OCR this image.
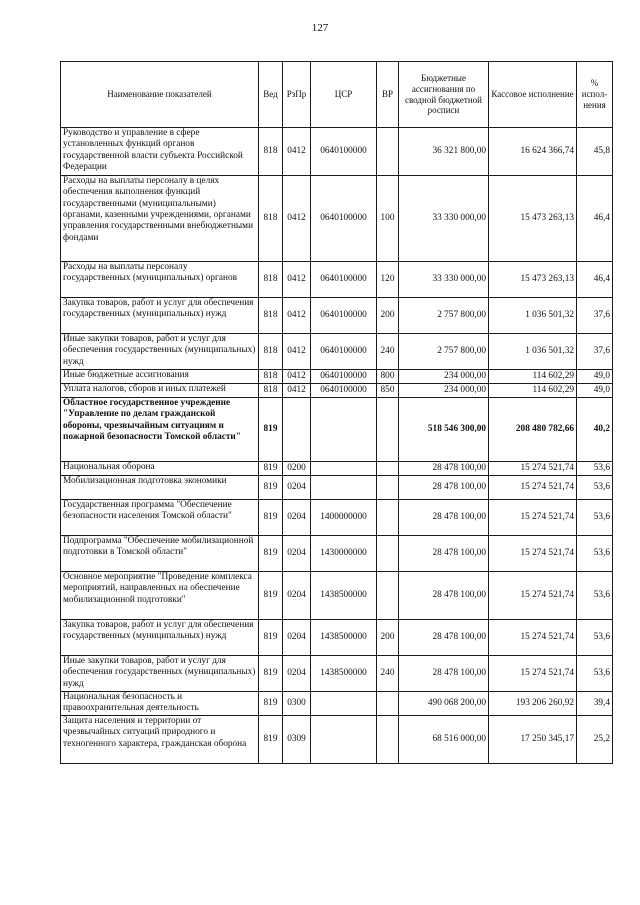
127
Наименование показателей	Вед	РзПр	ЦСР	ВР	Бюджетные ассигнования по сводной бюджетной росписи	Кассовое исполнение	% испол-нения
Руководство и управление в сфере установленных функций органов государственной власти субъекта Российской Федерации	818	0412	0640100000		36 321 800,00	16 624 366,74	45,8
Расходы на выплаты персоналу в целях обеспечения выполнения функций государственными (муниципальными) органами, казенными учреждениями, органами управления государственными внебюджетными фондами	818	0412	0640100000	100	33 330 000,00	15 473 263,13	46,4
Расходы на выплаты персоналу государственных (муниципальных) органов	818	0412	0640100000	120	33 330 000,00	15 473 263,13	46,4
Закупка товаров, работ и услуг для обеспечения государственных (муниципальных) нужд	818	0412	0640100000	200	2 757 800,00	1 036 501,32	37,6
Иные закупки товаров, работ и услуг для обеспечения государственных (муниципальных) нужд	818	0412	0640100000	240	2 757 800,00	1 036 501,32	37,6
Иные бюджетные ассигнования	818	0412	0640100000	800	234 000,00	114 602,29	49,0
Уплата налогов, сборов и иных платежей	818	0412	0640100000	850	234 000,00	114 602,29	49,0
Областное государственное учреждение "Управление по делам гражданской обороны, чрезвычайным ситуациям и пожарной безопасности Томской области"	819				518 546 300,00	208 480 782,66	40,2
Национальная оборона	819	0200			28 478 100,00	15 274 521,74	53,6
Мобилизационная подготовка экономики	819	0204			28 478 100,00	15 274 521,74	53,6
Государственная программа "Обеспечение безопасности населения Томской области"	819	0204	1400000000		28 478 100,00	15 274 521,74	53,6
Подпрограмма "Обеспечение мобилизационной подготовки в Томской области"	819	0204	1430000000		28 478 100,00	15 274 521,74	53,6
Основное мероприятие "Проведение комплекса мероприятий, направленных на обеспечение мобилизационной подготовки"	819	0204	1438500000		28 478 100,00	15 274 521,74	53,6
Закупка товаров, работ и услуг для обеспечения государственных (муниципальных) нужд	819	0204	1438500000	200	28 478 100,00	15 274 521,74	53,6
Иные закупки товаров, работ и услуг для обеспечения государственных (муниципальных) нужд	819	0204	1438500000	240	28 478 100,00	15 274 521,74	53,6
Национальная безопасность и правоохранительная деятельность	819	0300			490 068 200,00	193 206 260,92	39,4
Защита населения и территории от чрезвычайных ситуаций природного и техногенного характера, гражданская оборона	819	0309			68 516 000,00	17 250 345,17	25,2
